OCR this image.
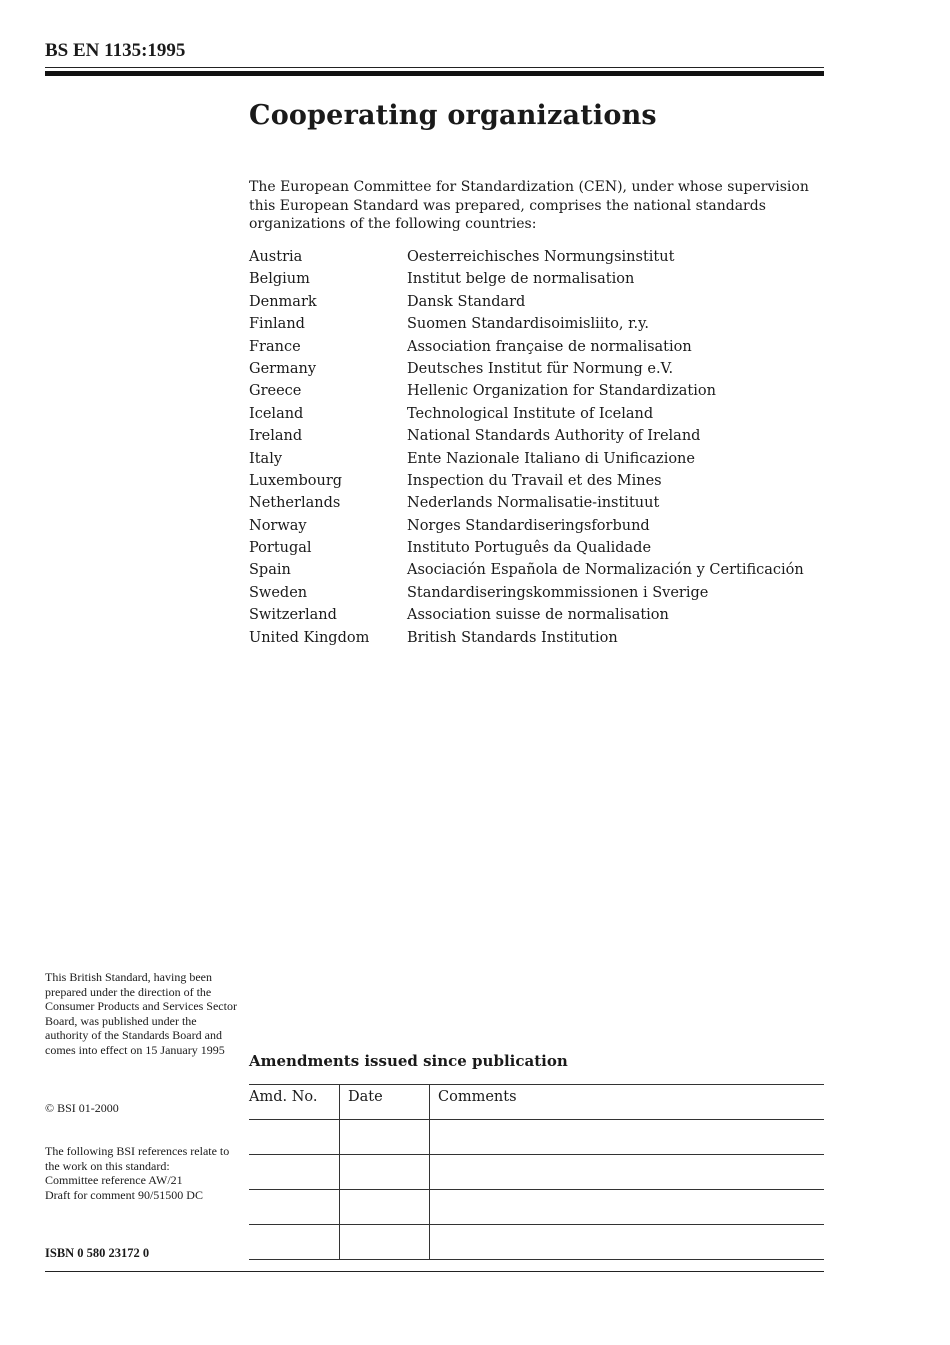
BS EN 1135:1995
Cooperating organizations

The European Committee for Standardization (CEN), under whose supervision this European Standard was prepared, comprises the national standards organizations of the following countries:

Austria	Oesterreichisches Normungsinstitut
Belgium	Institut belge de normalisation
Denmark	Dansk Standard
Finland	Suomen Standardisoimisliito, r.y.
France	Association française de normalisation
Germany	Deutsches Institut für Normung e.V.
Greece	Hellenic Organization for Standardization
Iceland	Technological Institute of Iceland
Ireland	National Standards Authority of Ireland
Italy	Ente Nazionale Italiano di Unificazione
Luxembourg	Inspection du Travail et des Mines
Netherlands	Nederlands Normalisatie-instituut
Norway	Norges Standardiseringsforbund
Portugal	Instituto Português da Qualidade
Spain	Asociación Española de Normalización y Certificación
Sweden	Standardiseringskommissionen i Sverige
Switzerland	Association suisse de normalisation
United Kingdom	British Standards Institution
This British Standard, having been prepared under the direction of the Consumer Products and Services Sector Board, was published under the authority of the Standards Board and comes into effect on 15 January 1995
© BSI 01-2000
The following BSI references relate to the work on this standard:
Committee reference AW/21
Draft for comment 90/51500 DC
ISBN 0 580 23172 0
Amendments issued since publication
Amd. No.	Date	Comments
